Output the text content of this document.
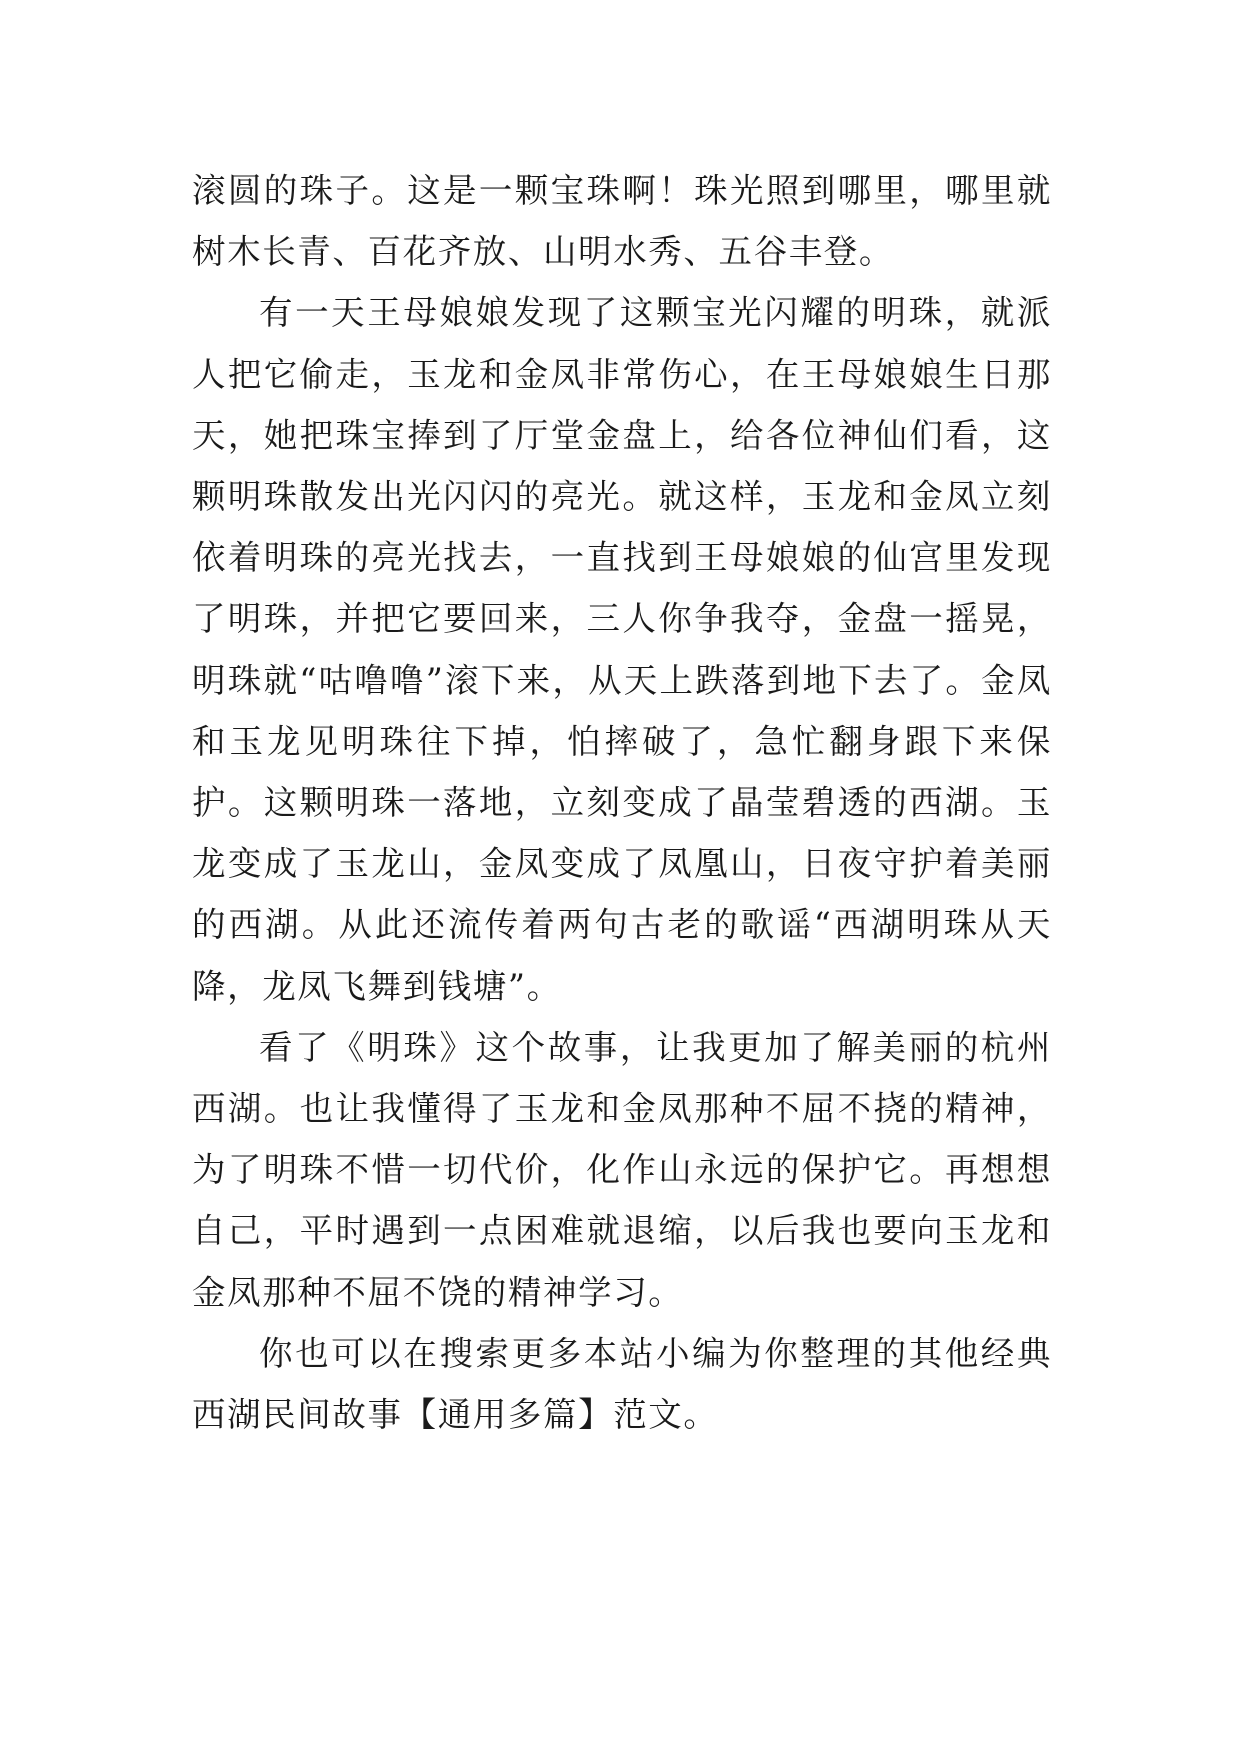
滚圆的珠子。这是一颗宝珠啊！珠光照到哪里，哪里就树木长青、百花齐放、山明水秀、五谷丰登。

有一天王母娘娘发现了这颗宝光闪耀的明珠，就派人把它偷走，玉龙和金凤非常伤心，在王母娘娘生日那天，她把珠宝捧到了厅堂金盘上，给各位神仙们看，这颗明珠散发出光闪闪的亮光。就这样，玉龙和金凤立刻依着明珠的亮光找去，一直找到王母娘娘的仙宫里发现了明珠，并把它要回来，三人你争我夺，金盘一摇晃，明珠就“咕噜噜”滚下来，从天上跌落到地下去了。金凤和玉龙见明珠往下掉，怕摔破了，急忙翻身跟下来保护。这颗明珠一落地，立刻变成了晶莹碧透的西湖。玉龙变成了玉龙山，金凤变成了凤凰山，日夜守护着美丽的西湖。从此还流传着两句古老的歌谣“西湖明珠从天降，龙凤飞舞到钱塘”。

看了《明珠》这个故事，让我更加了解美丽的杭州西湖。也让我懂得了玉龙和金凤那种不屈不挠的精神，为了明珠不惜一切代价，化作山永远的保护它。再想想自己，平时遇到一点困难就退缩，以后我也要向玉龙和金凤那种不屈不饶的精神学习。

你也可以在搜索更多本站小编为你整理的其他经典西湖民间故事【通用多篇】范文。
